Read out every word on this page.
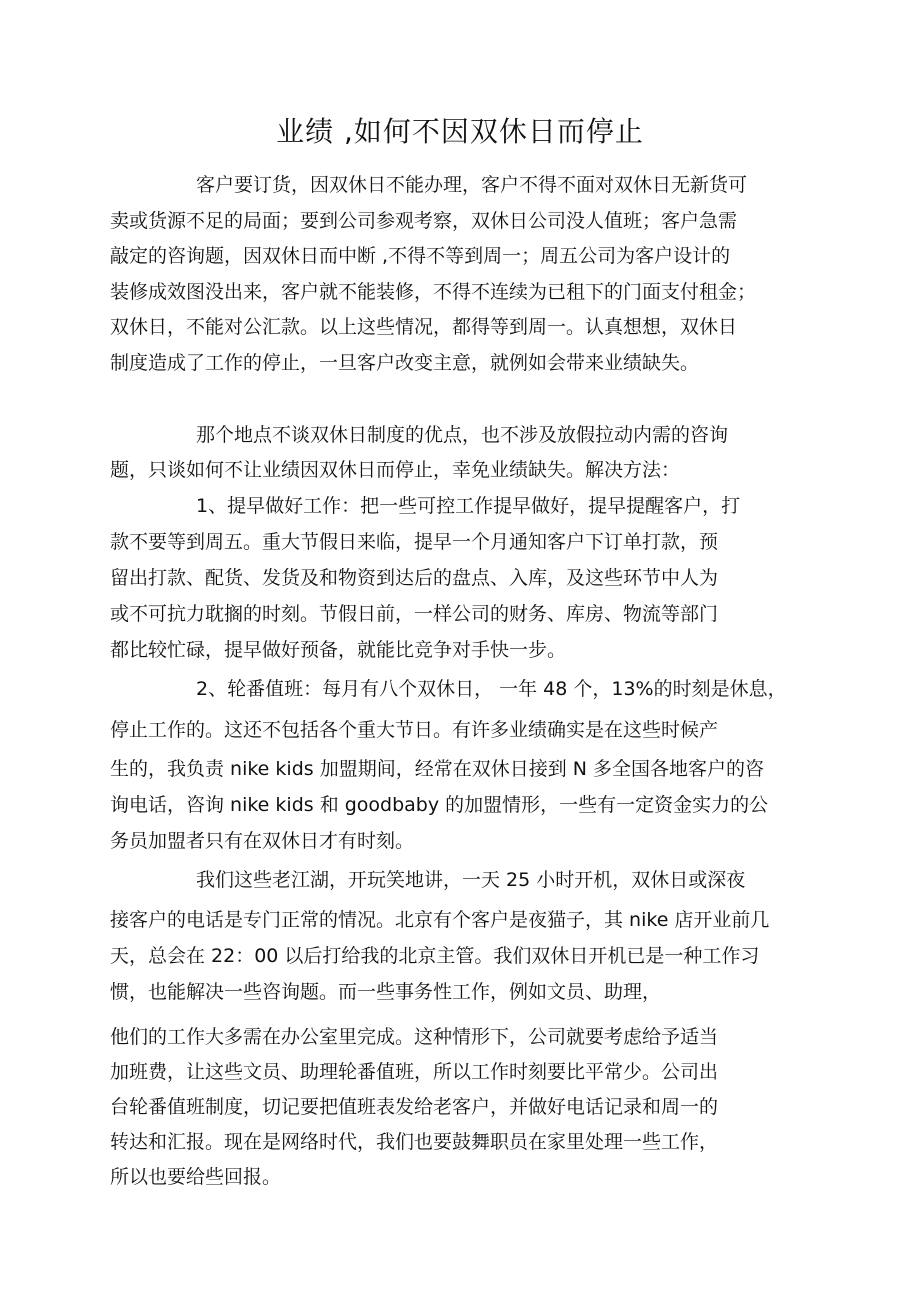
业绩 ,如何不因双休日而停止
客户要订货，因双休日不能办理，客户不得不面对双休日无新货可
卖或货源不足的局面；要到公司参观考察，双休日公司没人值班；客户急需
敲定的咨询题，因双休日而中断 ,不得不等到周一；周五公司为客户设计的
装修成效图没出来，客户就不能装修，不得不连续为已租下的门面支付租金；
双休日，不能对公汇款。以上这些情况，都得等到周一。认真想想，双休日
制度造成了工作的停止，一旦客户改变主意，就例如会带来业绩缺失。
那个地点不谈双休日制度的优点，也不涉及放假拉动内需的咨询
题，只谈如何不让业绩因双休日而停止，幸免业绩缺失。解决方法：
1、提早做好工作：把一些可控工作提早做好，提早提醒客户，打
款不要等到周五。重大节假日来临，提早一个月通知客户下订单打款，预
留出打款、配货、发货及和物资到达后的盘点、入库，及这些环节中人为
或不可抗力耽搁的时刻。节假日前，一样公司的财务、库房、物流等部门
都比较忙碌，提早做好预备，就能比竞争对手快一步。
2、轮番值班：每月有八个双休日， 一年 48 个，13%的时刻是休息，
停止工作的。这还不包括各个重大节日。有许多业绩确实是在这些时候产
生的，我负责 nike kids 加盟期间，经常在双休日接到 N 多全国各地客户的咨
询电话，咨询 nike kids 和 goodbaby 的加盟情形，一些有一定资金实力的公
务员加盟者只有在双休日才有时刻。
我们这些老江湖，开玩笑地讲，一天 25 小时开机，双休日或深夜
接客户的电话是专门正常的情况。北京有个客户是夜猫子，其 nike 店开业前几
天，总会在 22：00 以后打给我的北京主管。我们双休日开机已是一种工作习
惯，也能解决一些咨询题。而一些事务性工作，例如文员、助理，
他们的工作大多需在办公室里完成。这种情形下，公司就要考虑给予适当
加班费，让这些文员、助理轮番值班，所以工作时刻要比平常少。公司出
台轮番值班制度，切记要把值班表发给老客户，并做好电话记录和周一的
转达和汇报。现在是网络时代，我们也要鼓舞职员在家里处理一些工作，
所以也要给些回报。
